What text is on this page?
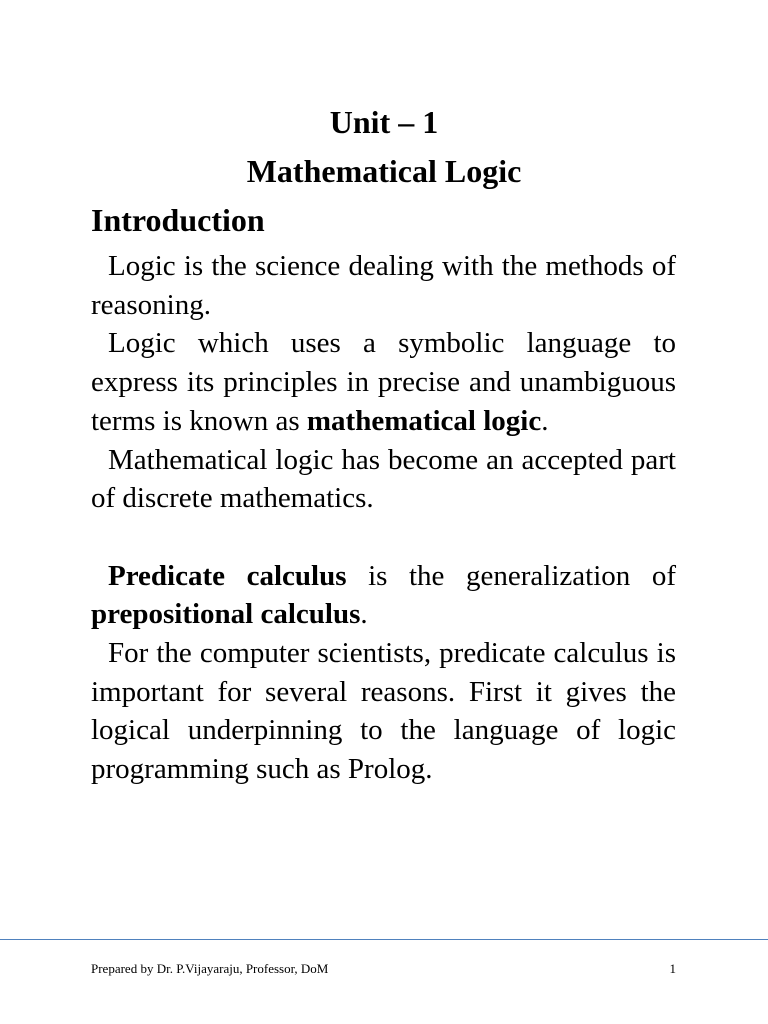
Unit – 1
Mathematical Logic
Introduction

Logic is the science dealing with the methods of reasoning.

Logic which uses a symbolic language to express its principles in precise and unambiguous terms is known as mathematical logic.

Mathematical logic has become an accepted part of discrete mathematics.

Predicate calculus is the generalization of prepositional calculus.

For the computer scientists, predicate calculus is important for several reasons. First it gives the logical underpinning to the language of logic programming such as Prolog.

Prepared by Dr. P.Vijayaraju, Professor, DoM	1
